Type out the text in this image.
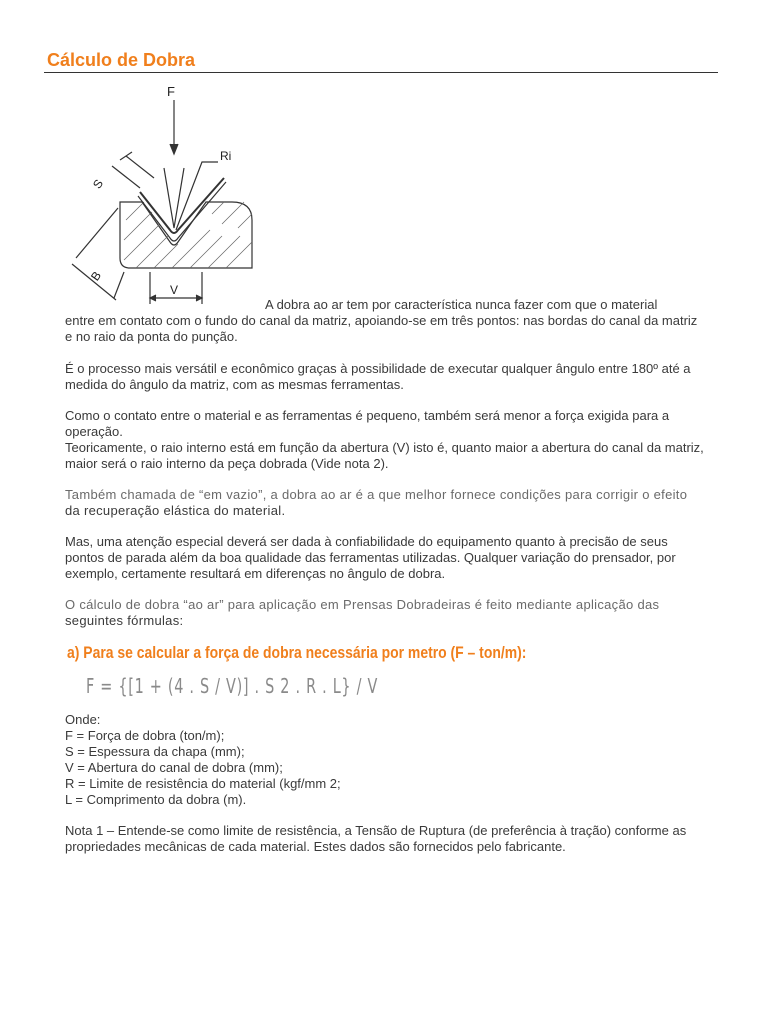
Cálculo de Dobra
F
Ri
S
B
V
A dobra ao ar tem por característica nunca fazer com que o material
entre em contato com o fundo do canal da matriz, apoiando-se em três pontos: nas bordas do canal da matriz e no raio da ponta do punção.

É o processo mais versátil e econômico graças à possibilidade de executar qualquer ângulo entre 180º até a medida do ângulo da matriz, com as mesmas ferramentas.

Como o contato entre o material e as ferramentas é pequeno, também será menor a força exigida para a operação.

Teoricamente, o raio interno está em função da abertura (V) isto é, quanto maior a abertura do canal da matriz, maior será o raio interno da peça dobrada (Vide nota 2).

Também chamada de “em vazio”, a dobra ao ar é a que melhor fornece condições para corrigir o efeito
da recuperação elástica do material.

Mas, uma atenção especial deverá ser dada à confiabilidade do equipamento quanto à precisão de seus pontos de parada além da boa qualidade das ferramentas utilizadas. Qualquer variação do prensador, por exemplo, certamente resultará em diferenças no ângulo de dobra.

O cálculo de dobra “ao ar” para aplicação em Prensas Dobradeiras é feito mediante aplicação das
seguintes fórmulas:
a) Para se calcular a força de dobra necessária por metro (F – ton/m):
F = {[1 + (4 . S / V)] . S 2 . R . L} / V
Onde:
F = Força de dobra (ton/m);
S = Espessura da chapa (mm);
V = Abertura do canal de dobra (mm);
R = Limite de resistência do material (kgf/mm 2;
L = Comprimento da dobra (m).

Nota 1 – Entende-se como limite de resistência, a Tensão de Ruptura (de preferência à tração) conforme as propriedades mecânicas de cada material. Estes dados são fornecidos pelo fabricante.
